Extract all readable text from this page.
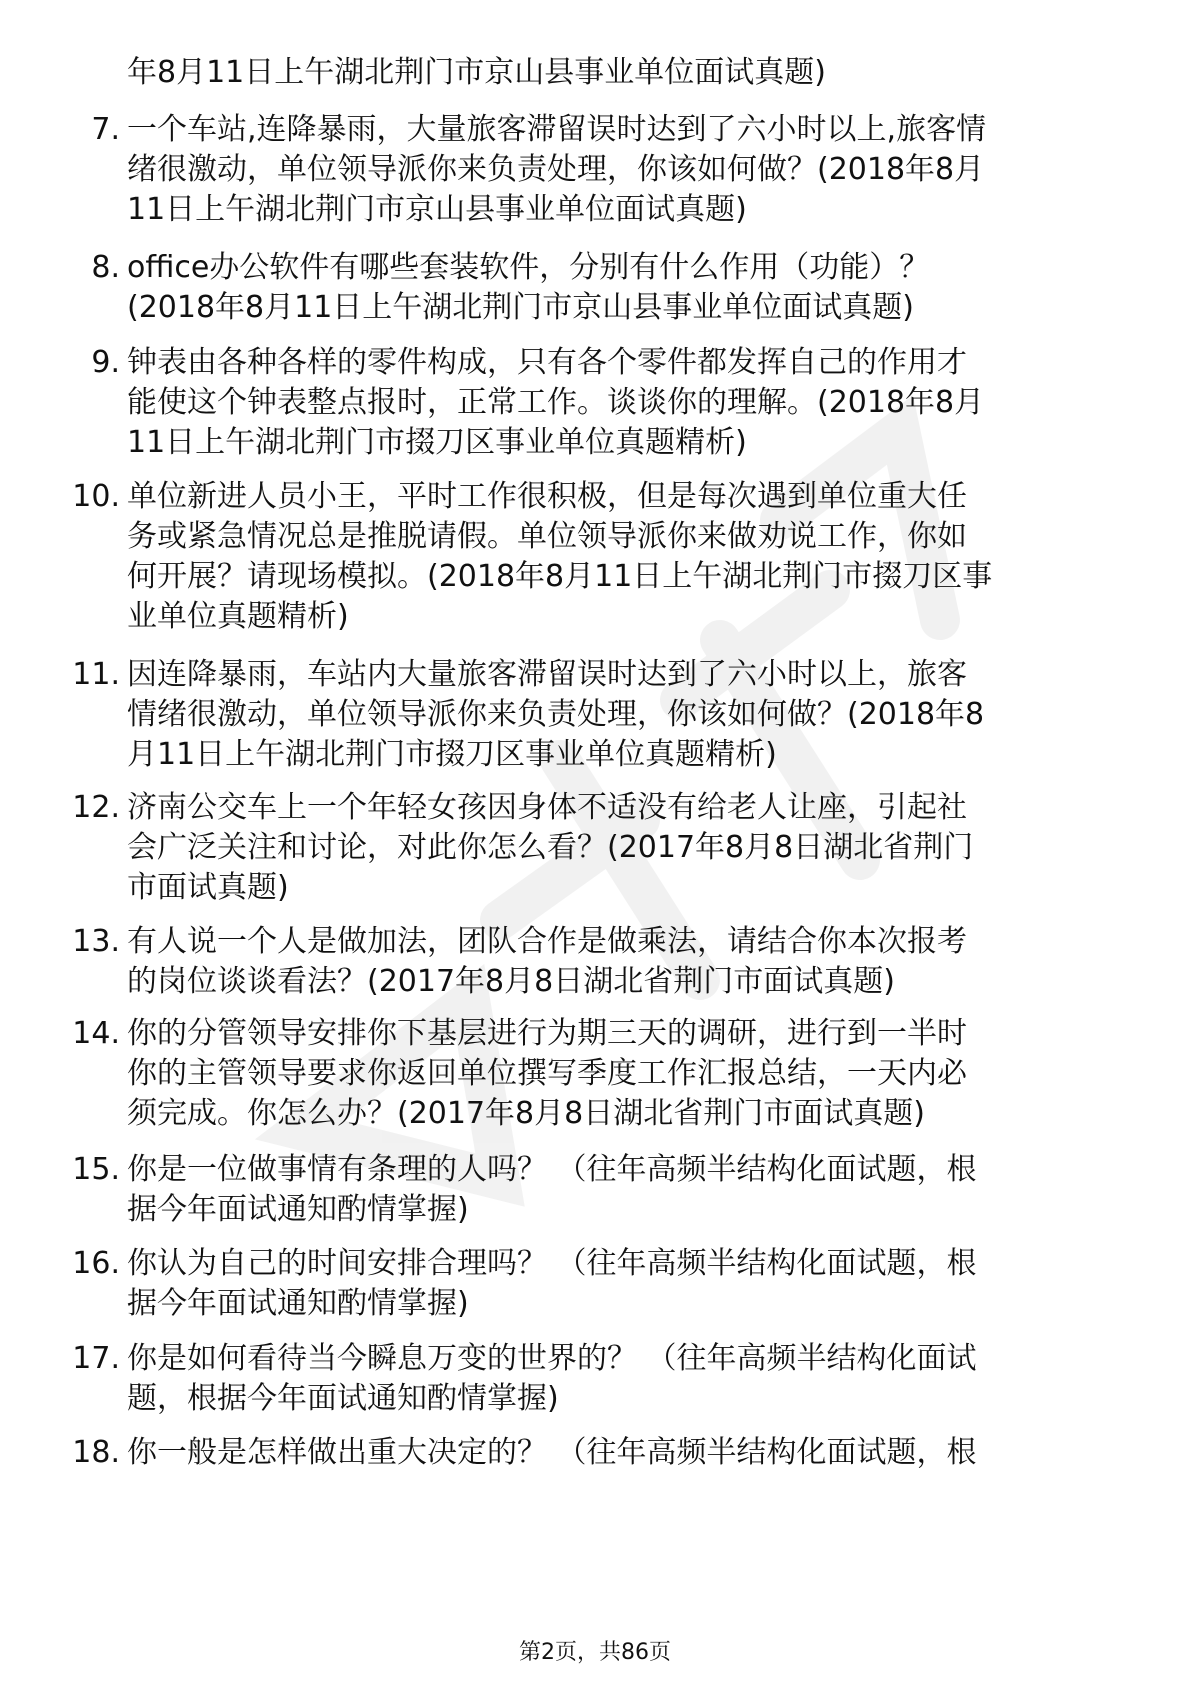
年8月11日上午湖北荆门市京山县事业单位面试真题)
7. 一个车站,连降暴雨，大量旅客滞留误时达到了六小时以上,旅客情
绪很激动，单位领导派你来负责处理，你该如何做？(2018年8月
11日上午湖北荆门市京山县事业单位面试真题)
8. office办公软件有哪些套装软件，分别有什么作用（功能）？
(2018年8月11日上午湖北荆门市京山县事业单位面试真题)
9. 钟表由各种各样的零件构成，只有各个零件都发挥自己的作用才
能使这个钟表整点报时，正常工作。谈谈你的理解。(2018年8月
11日上午湖北荆门市掇刀区事业单位真题精析)
10. 单位新进人员小王，平时工作很积极，但是每次遇到单位重大任
务或紧急情况总是推脱请假。单位领导派你来做劝说工作，你如
何开展？请现场模拟。(2018年8月11日上午湖北荆门市掇刀区事
业单位真题精析)
11. 因连降暴雨，车站内大量旅客滞留误时达到了六小时以上，旅客
情绪很激动，单位领导派你来负责处理，你该如何做？(2018年8
月11日上午湖北荆门市掇刀区事业单位真题精析)
12. 济南公交车上一个年轻女孩因身体不适没有给老人让座，引起社
会广泛关注和讨论，对此你怎么看？(2017年8月8日湖北省荆门
市面试真题)
13. 有人说一个人是做加法，团队合作是做乘法，请结合你本次报考
的岗位谈谈看法？(2017年8月8日湖北省荆门市面试真题)
14. 你的分管领导安排你下基层进行为期三天的调研，进行到一半时
你的主管领导要求你返回单位撰写季度工作汇报总结，一天内必
须完成。你怎么办？(2017年8月8日湖北省荆门市面试真题)
15. 你是一位做事情有条理的人吗？ （往年高频半结构化面试题，根
据今年面试通知酌情掌握)
16. 你认为自己的时间安排合理吗？ （往年高频半结构化面试题，根
据今年面试通知酌情掌握)
17. 你是如何看待当今瞬息万变的世界的？ （往年高频半结构化面试
题，根据今年面试通知酌情掌握)
18. 你一般是怎样做出重大决定的？ （往年高频半结构化面试题，根
第2页，共86页
